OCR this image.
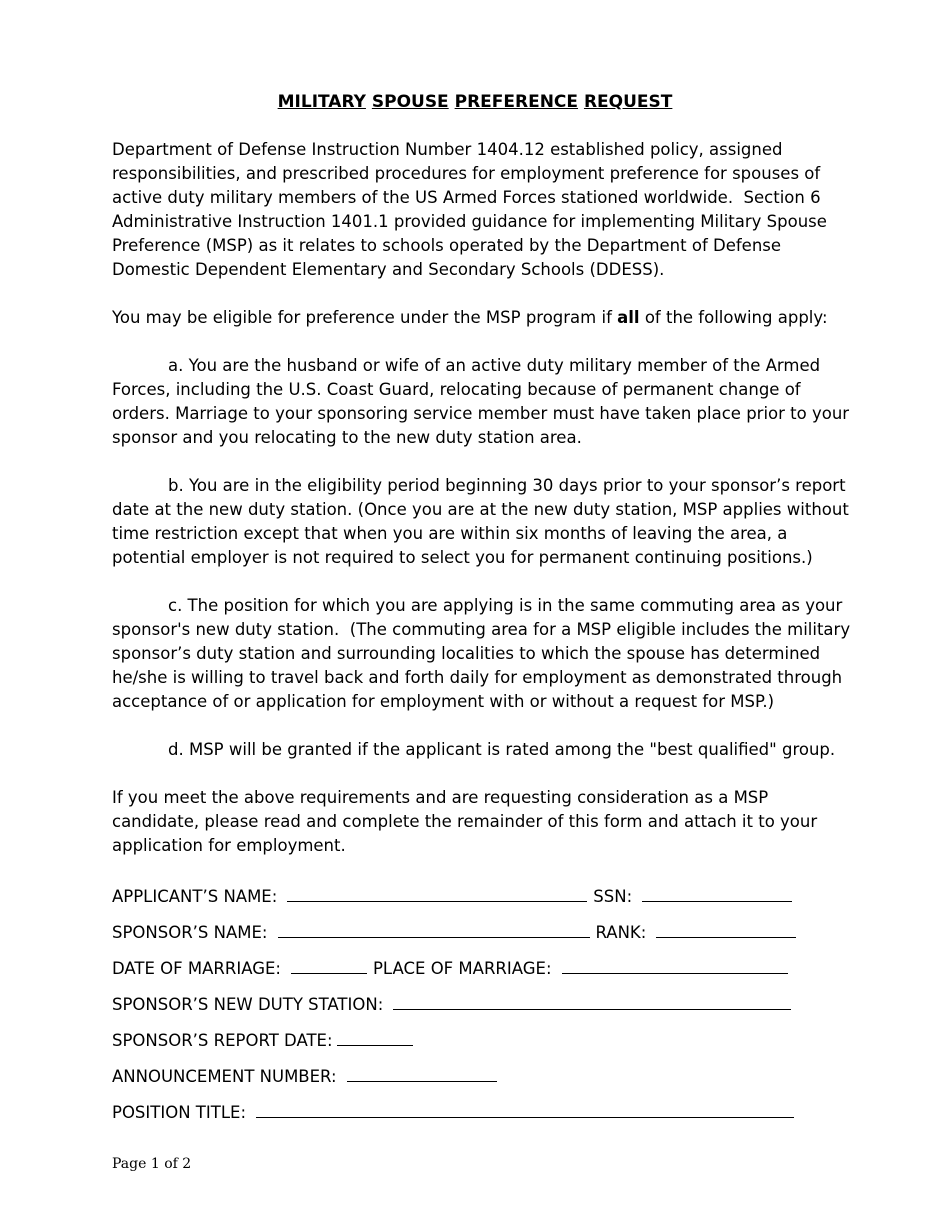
MILITARY SPOUSE PREFERENCE REQUEST

Department of Defense Instruction Number 1404.12 established policy, assigned responsibilities, and prescribed procedures for employment preference for spouses of active duty military members of the US Armed Forces stationed worldwide.  Section 6 Administrative Instruction 1401.1 provided guidance for implementing Military Spouse Preference (MSP) as it relates to schools operated by the Department of Defense Domestic Dependent Elementary and Secondary Schools (DDESS).

You may be eligible for preference under the MSP program if all of the following apply:

a. You are the husband or wife of an active duty military member of the Armed Forces, including the U.S. Coast Guard, relocating because of permanent change of orders. Marriage to your sponsoring service member must have taken place prior to your sponsor and you relocating to the new duty station area.

b. You are in the eligibility period beginning 30 days prior to your sponsor’s report date at the new duty station. (Once you are at the new duty station, MSP applies without time restriction except that when you are within six months of leaving the area, a potential employer is not required to select you for permanent continuing positions.)

c. The position for which you are applying is in the same commuting area as your sponsor's new duty station.  (The commuting area for a MSP eligible includes the military sponsor’s duty station and surrounding localities to which the spouse has determined he/she is willing to travel back and forth daily for employment as demonstrated through acceptance of or application for employment with or without a request for MSP.)

d. MSP will be granted if the applicant is rated among the "best qualified" group.

If you meet the above requirements and are requesting consideration as a MSP candidate, please read and complete the remainder of this form and attach it to your application for employment.

APPLICANT’S NAME:	SSN:
SPONSOR’S NAME:	RANK:
DATE OF MARRIAGE:	PLACE OF MARRIAGE:
SPONSOR’S NEW DUTY STATION:
SPONSOR’S REPORT DATE:
ANNOUNCEMENT NUMBER:
POSITION TITLE:
Page 1 of 2
